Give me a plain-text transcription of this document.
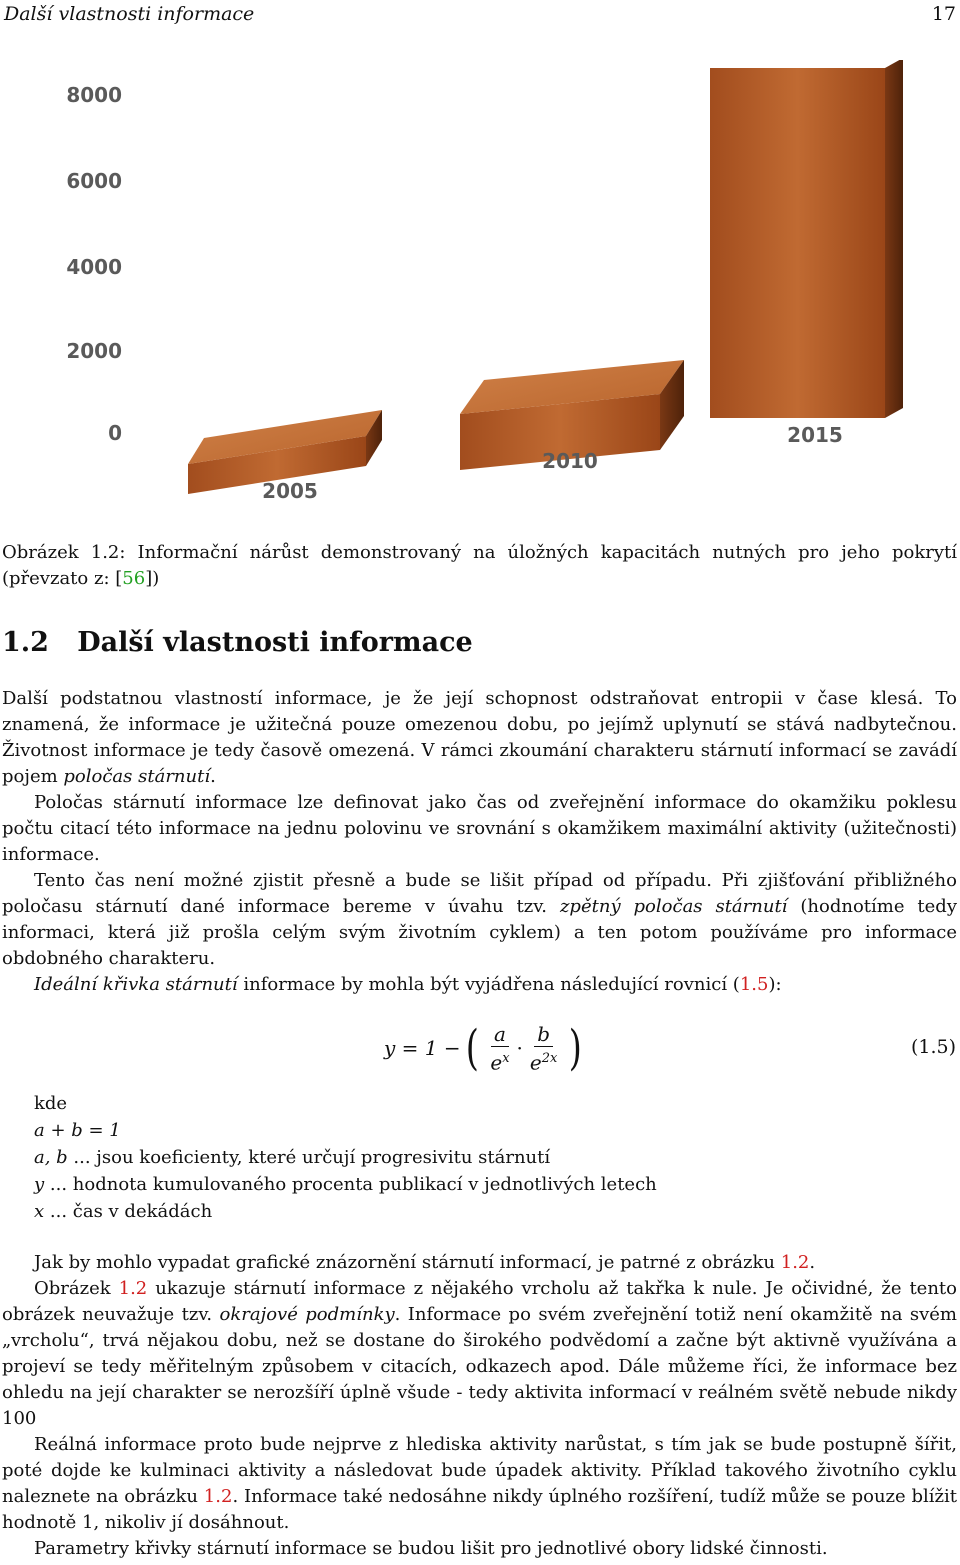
Další vlastnosti informace	17
8000
6000
4000
2000
0
2005
2010
2015
Obrázek 1.2: Informační nárůst demonstrovaný na úložných kapacitách nutných pro jeho pokrytí (převzato z: [56])
1.2 Další vlastnosti informace

Další podstatnou vlastností informace, je že její schopnost odstraňovat entropii v čase klesá. To znamená, že informace je užitečná pouze omezenou dobu, po jejímž uplynutí se stává nadbytečnou. Životnost informace je tedy časově omezená. V rámci zkoumání charakteru stárnutí informací se zavádí pojem poločas stárnutí.

Poločas stárnutí informace lze definovat jako čas od zveřejnění informace do okamžiku poklesu počtu citací této informace na jednu polovinu ve srovnání s okamžikem maximální aktivity (užitečnosti) informace.

Tento čas není možné zjistit přesně a bude se lišit případ od případu. Při zjišťování přibližného poločasu stárnutí dané informace bereme v úvahu tzv. zpětný poločas stárnutí (hodnotíme tedy informaci, která již prošla celým svým životním cyklem) a ten potom používáme pro informace obdobného charakteru.

Ideální křivka stárnutí informace by mohla být vyjádřena následující rovnicí (1.5):

y = 1 − ( $\frac{a}{e^x} \cdot \frac{b}{e^{2x}}$ )	(1.5)
kde
a + b = 1
a, b ... jsou koeficienty, které určují progresivitu stárnutí
y ... hodnota kumulovaného procenta publikací v jednotlivých letech
x ... čas v dekádách

Jak by mohlo vypadat grafické znázornění stárnutí informací, je patrné z obrázku 1.2.

Obrázek 1.2 ukazuje stárnutí informace z nějakého vrcholu až takřka k nule. Je očividné, že tento obrázek neuvažuje tzv. okrajové podmínky. Informace po svém zveřejnění totiž není okamžitě na svém „vrcholu“, trvá nějakou dobu, než se dostane do širokého podvědomí a začne být aktivně využívána a projeví se tedy měřitelným způsobem v citacích, odkazech apod. Dále můžeme říci, že informace bez ohledu na její charakter se nerozšíří úplně všude - tedy aktivita informací v reálném světě nebude nikdy 100

Reálná informace proto bude nejprve z hlediska aktivity narůstat, s tím jak se bude postupně šířit, poté dojde ke kulminaci aktivity a následovat bude úpadek aktivity. Příklad takového životního cyklu naleznete na obrázku 1.2. Informace také nedosáhne nikdy úplného rozšíření, tudíž může se pouze blížit hodnotě 1, nikoliv jí dosáhnout.

Parametry křivky stárnutí informace se budou lišit pro jednotlivé obory lidské činnosti.
